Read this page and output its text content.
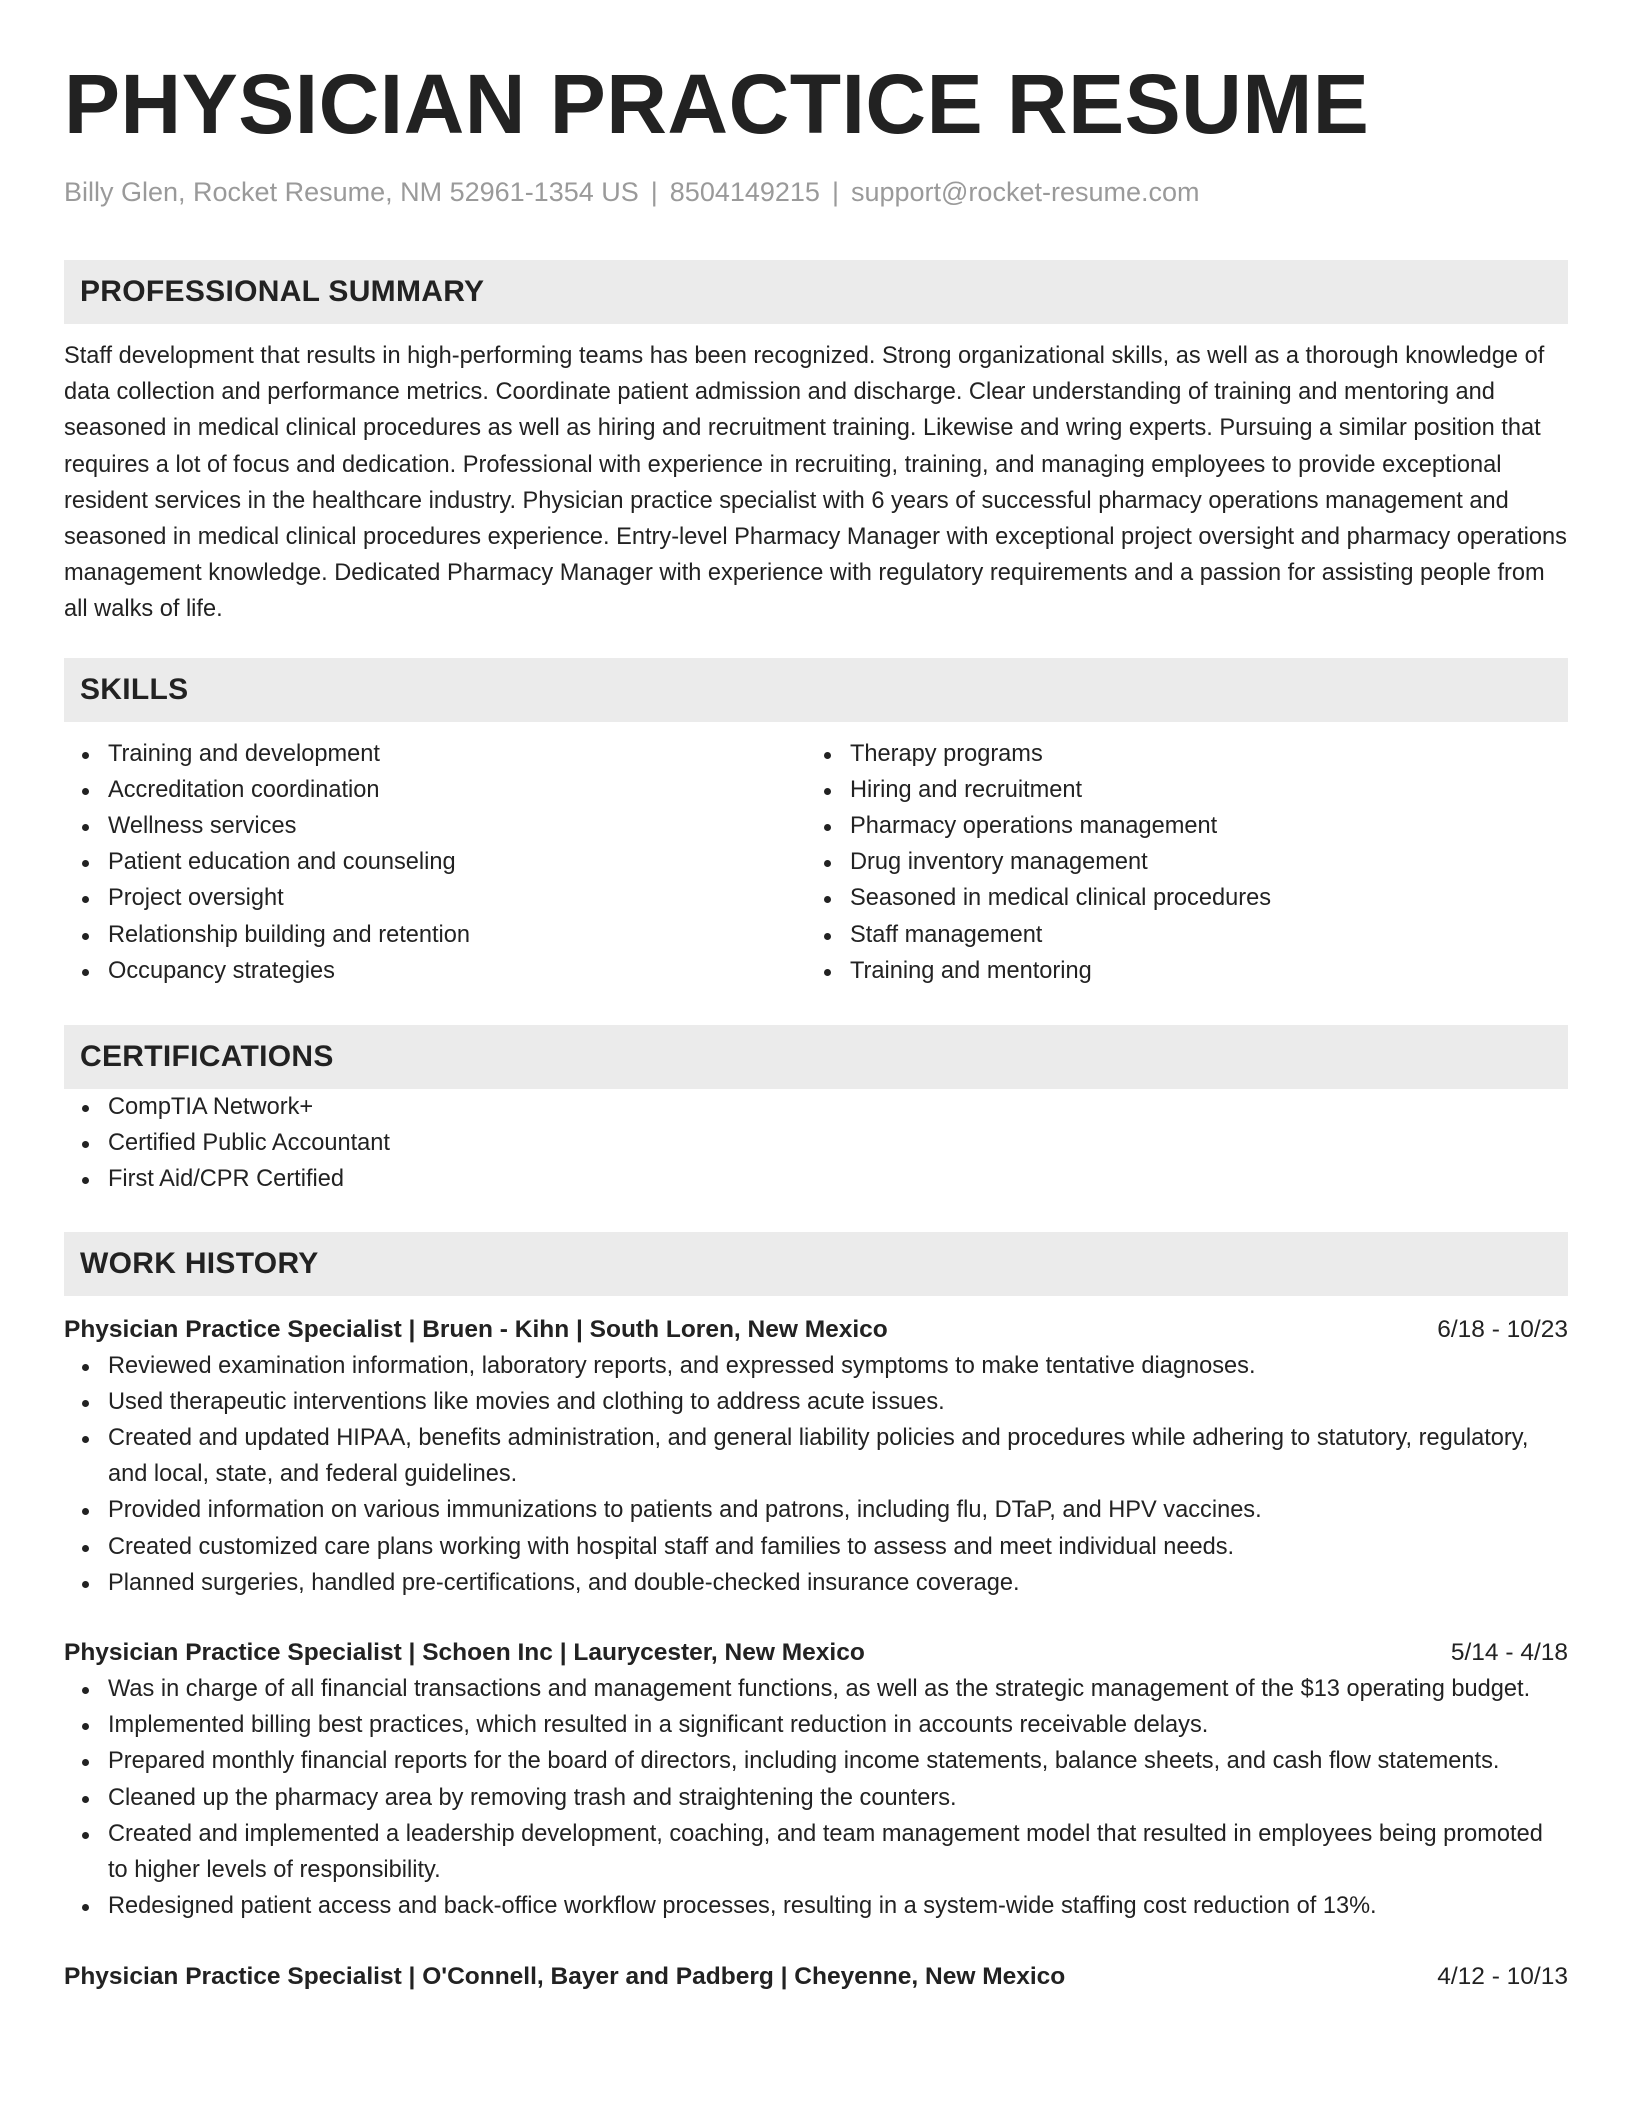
PHYSICIAN PRACTICE RESUME
Billy Glen, Rocket Resume, NM 52961-1354 US | 8504149215 | support@rocket-resume.com
PROFESSIONAL SUMMARY
Staff development that results in high-performing teams has been recognized. Strong organizational skills, as well as a thorough knowledge of data collection and performance metrics. Coordinate patient admission and discharge. Clear understanding of training and mentoring and seasoned in medical clinical procedures as well as hiring and recruitment training. Likewise and wring experts. Pursuing a similar position that requires a lot of focus and dedication. Professional with experience in recruiting, training, and managing employees to provide exceptional resident services in the healthcare industry. Physician practice specialist with 6 years of successful pharmacy operations management and seasoned in medical clinical procedures experience. Entry-level Pharmacy Manager with exceptional project oversight and pharmacy operations management knowledge. Dedicated Pharmacy Manager with experience with regulatory requirements and a passion for assisting people from all walks of life.
SKILLS
Training and development
Accreditation coordination
Wellness services
Patient education and counseling
Project oversight
Relationship building and retention
Occupancy strategies
Therapy programs
Hiring and recruitment
Pharmacy operations management
Drug inventory management
Seasoned in medical clinical procedures
Staff management
Training and mentoring
CERTIFICATIONS
CompTIA Network+
Certified Public Accountant
First Aid/CPR Certified
WORK HISTORY
Physician Practice Specialist | Bruen - Kihn | South Loren, New Mexico	6/18 - 10/23
Reviewed examination information, laboratory reports, and expressed symptoms to make tentative diagnoses.
Used therapeutic interventions like movies and clothing to address acute issues.
Created and updated HIPAA, benefits administration, and general liability policies and procedures while adhering to statutory, regulatory, and local, state, and federal guidelines.
Provided information on various immunizations to patients and patrons, including flu, DTaP, and HPV vaccines.
Created customized care plans working with hospital staff and families to assess and meet individual needs.
Planned surgeries, handled pre-certifications, and double-checked insurance coverage.
Physician Practice Specialist | Schoen Inc | Laurycester, New Mexico	5/14 - 4/18
Was in charge of all financial transactions and management functions, as well as the strategic management of the $13 operating budget.
Implemented billing best practices, which resulted in a significant reduction in accounts receivable delays.
Prepared monthly financial reports for the board of directors, including income statements, balance sheets, and cash flow statements.
Cleaned up the pharmacy area by removing trash and straightening the counters.
Created and implemented a leadership development, coaching, and team management model that resulted in employees being promoted to higher levels of responsibility.
Redesigned patient access and back-office workflow processes, resulting in a system-wide staffing cost reduction of 13%.
Physician Practice Specialist | O'Connell, Bayer and Padberg | Cheyenne, New Mexico	4/12 - 10/13
